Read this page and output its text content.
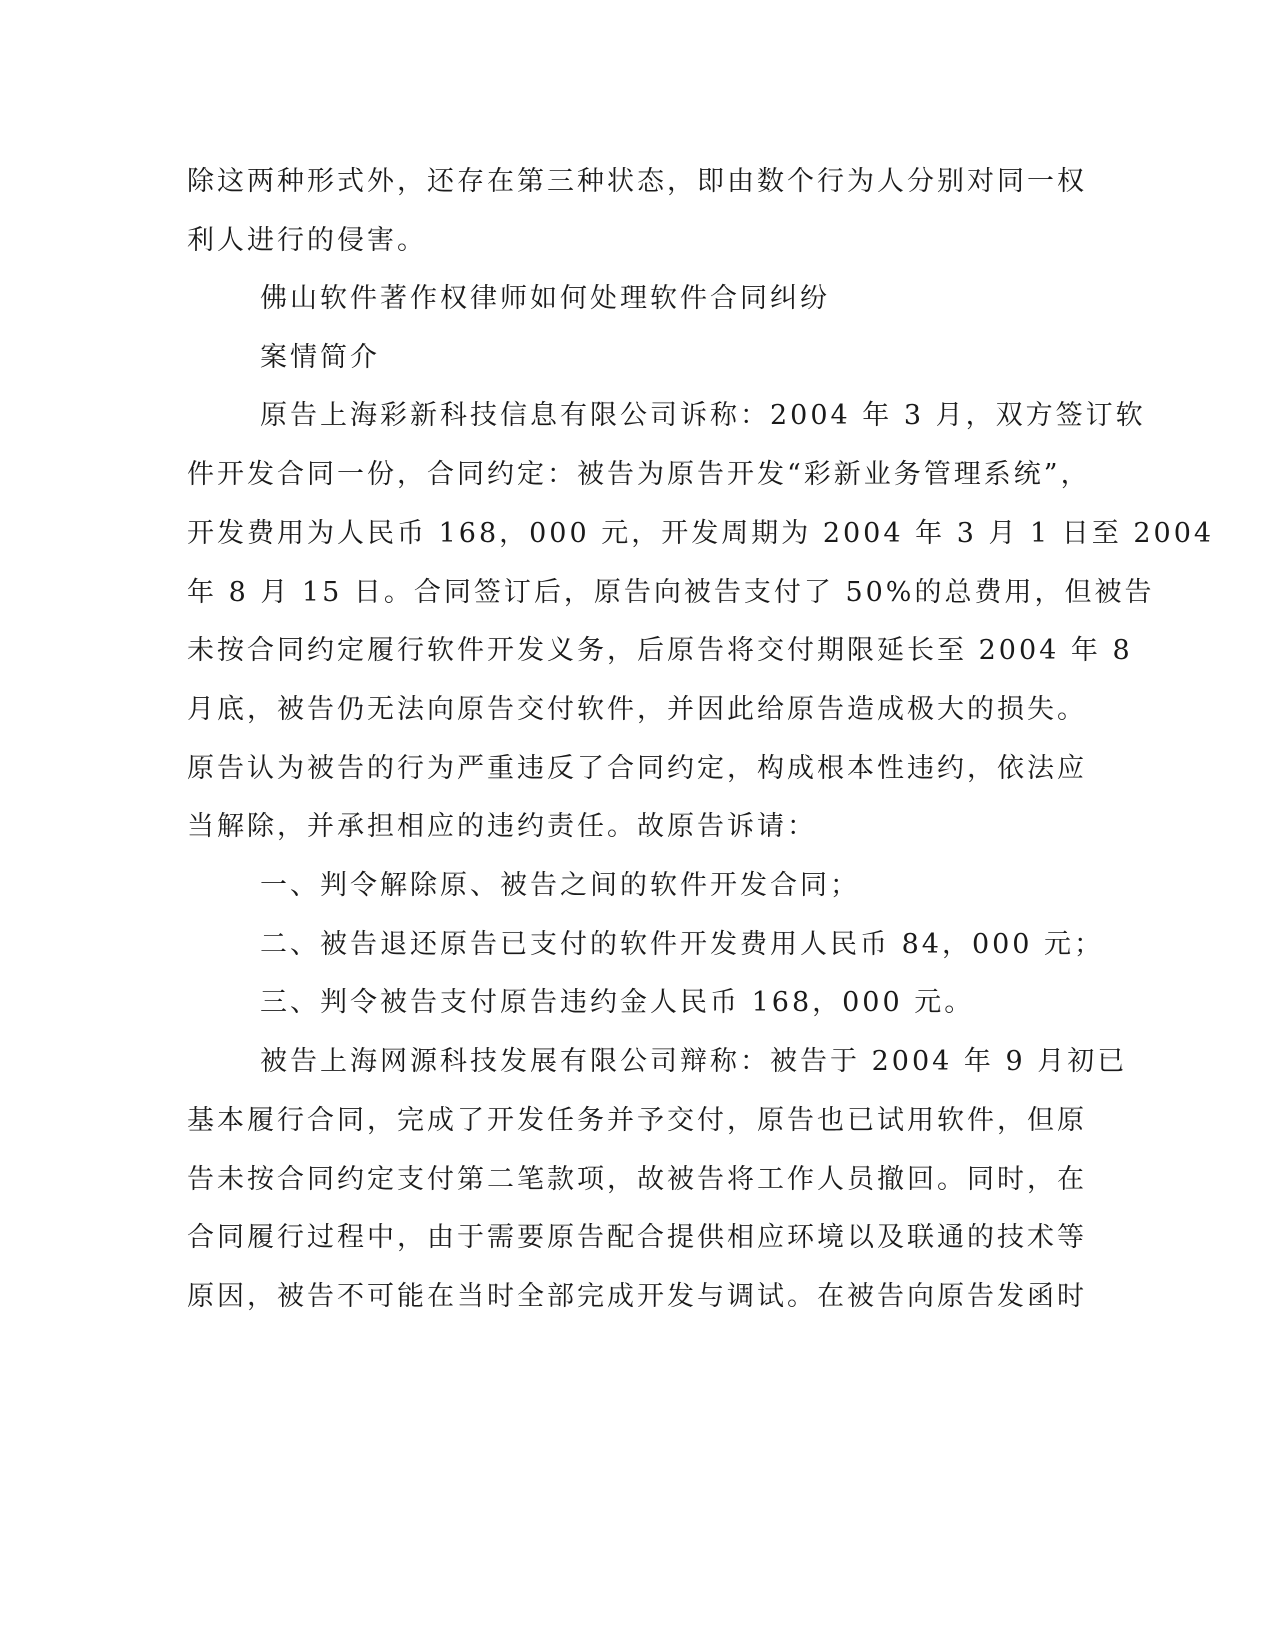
除这两种形式外，还存在第三种状态，即由数个行为人分别对同一权
利人进行的侵害。
佛山软件著作权律师如何处理软件合同纠纷
案情简介
原告上海彩新科技信息有限公司诉称：2004 年 3 月，双方签订软
件开发合同一份，合同约定：被告为原告开发“彩新业务管理系统”，
开发费用为人民币 168，000 元，开发周期为 2004 年 3 月 1 日至 2004
年 8 月 15 日。合同签订后，原告向被告支付了 50%的总费用，但被告
未按合同约定履行软件开发义务，后原告将交付期限延长至 2004 年 8
月底，被告仍无法向原告交付软件，并因此给原告造成极大的损失。
原告认为被告的行为严重违反了合同约定，构成根本性违约，依法应
当解除，并承担相应的违约责任。故原告诉请：
一、判令解除原、被告之间的软件开发合同；
二、被告退还原告已支付的软件开发费用人民币 84，000 元；
三、判令被告支付原告违约金人民币 168，000 元。
被告上海网源科技发展有限公司辩称：被告于 2004 年 9 月初已
基本履行合同，完成了开发任务并予交付，原告也已试用软件，但原
告未按合同约定支付第二笔款项，故被告将工作人员撤回。同时，在
合同履行过程中，由于需要原告配合提供相应环境以及联通的技术等
原因，被告不可能在当时全部完成开发与调试。在被告向原告发函时
